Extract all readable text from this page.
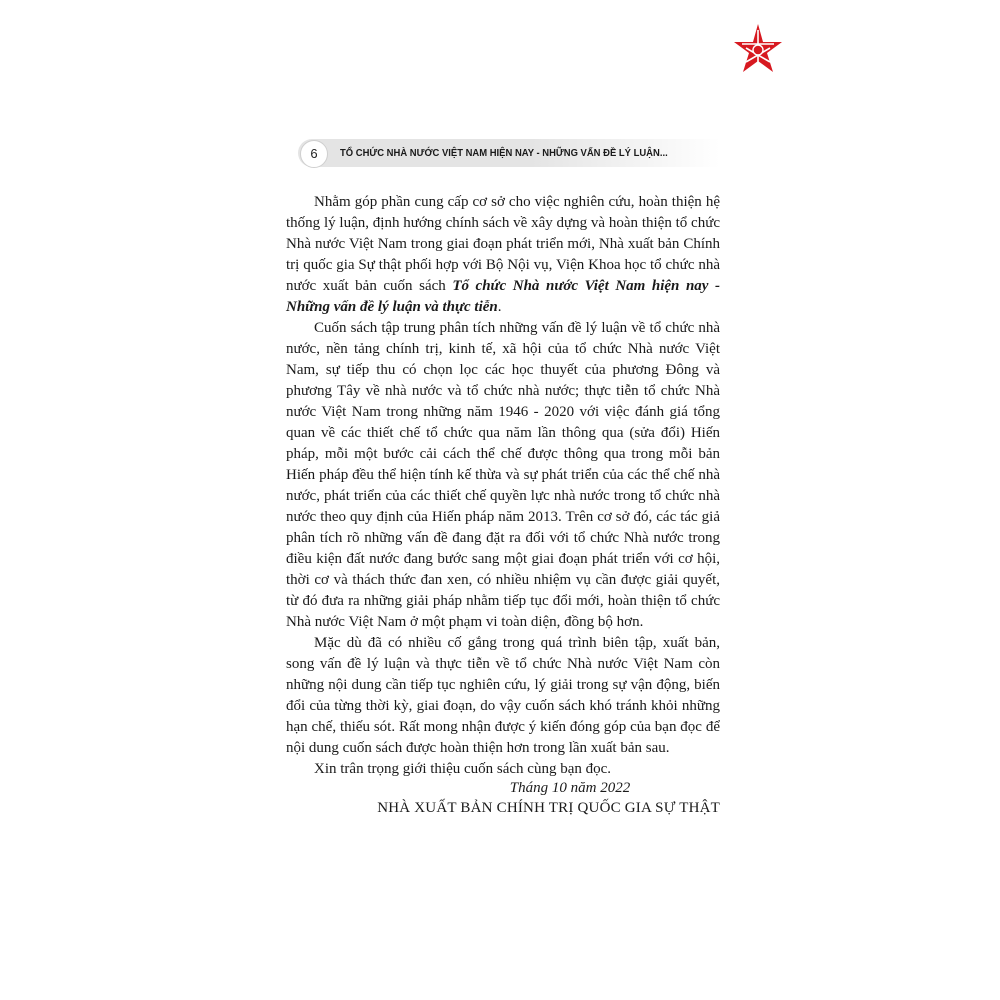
6	TỔ CHỨC NHÀ NƯỚC VIỆT NAM HIỆN NAY - NHỮNG VẤN ĐỀ LÝ LUẬN...

Nhằm góp phần cung cấp cơ sở cho việc nghiên cứu, hoàn thiện hệ thống lý luận, định hướng chính sách về xây dựng và hoàn thiện tổ chức Nhà nước Việt Nam trong giai đoạn phát triển mới, Nhà xuất bản Chính trị quốc gia Sự thật phối hợp với Bộ Nội vụ, Viện Khoa học tổ chức nhà nước xuất bản cuốn sách Tổ chức Nhà nước Việt Nam hiện nay - Những vấn đề lý luận và thực tiễn.

Cuốn sách tập trung phân tích những vấn đề lý luận về tổ chức nhà nước, nền tảng chính trị, kinh tế, xã hội của tổ chức Nhà nước Việt Nam, sự tiếp thu có chọn lọc các học thuyết của phương Đông và phương Tây về nhà nước và tổ chức nhà nước; thực tiễn tổ chức Nhà nước Việt Nam trong những năm 1946 - 2020 với việc đánh giá tổng quan về các thiết chế tổ chức qua năm lần thông qua (sửa đổi) Hiến pháp, mỗi một bước cải cách thể chế được thông qua trong mỗi bản Hiến pháp đều thể hiện tính kế thừa và sự phát triển của các thể chế nhà nước, phát triển của các thiết chế quyền lực nhà nước trong tổ chức nhà nước theo quy định của Hiến pháp năm 2013. Trên cơ sở đó, các tác giả phân tích rõ những vấn đề đang đặt ra đối với tổ chức Nhà nước trong điều kiện đất nước đang bước sang một giai đoạn phát triển với cơ hội, thời cơ và thách thức đan xen, có nhiều nhiệm vụ cần được giải quyết, từ đó đưa ra những giải pháp nhằm tiếp tục đổi mới, hoàn thiện tổ chức Nhà nước Việt Nam ở một phạm vi toàn diện, đồng bộ hơn.

Mặc dù đã có nhiều cố gắng trong quá trình biên tập, xuất bản, song vấn đề lý luận và thực tiễn về tổ chức Nhà nước Việt Nam còn những nội dung cần tiếp tục nghiên cứu, lý giải trong sự vận động, biến đổi của từng thời kỳ, giai đoạn, do vậy cuốn sách khó tránh khỏi những hạn chế, thiếu sót. Rất mong nhận được ý kiến đóng góp của bạn đọc để nội dung cuốn sách được hoàn thiện hơn trong lần xuất bản sau.

Xin trân trọng giới thiệu cuốn sách cùng bạn đọc.

Tháng 10 năm 2022
NHÀ XUẤT BẢN CHÍNH TRỊ QUỐC GIA SỰ THẬT
